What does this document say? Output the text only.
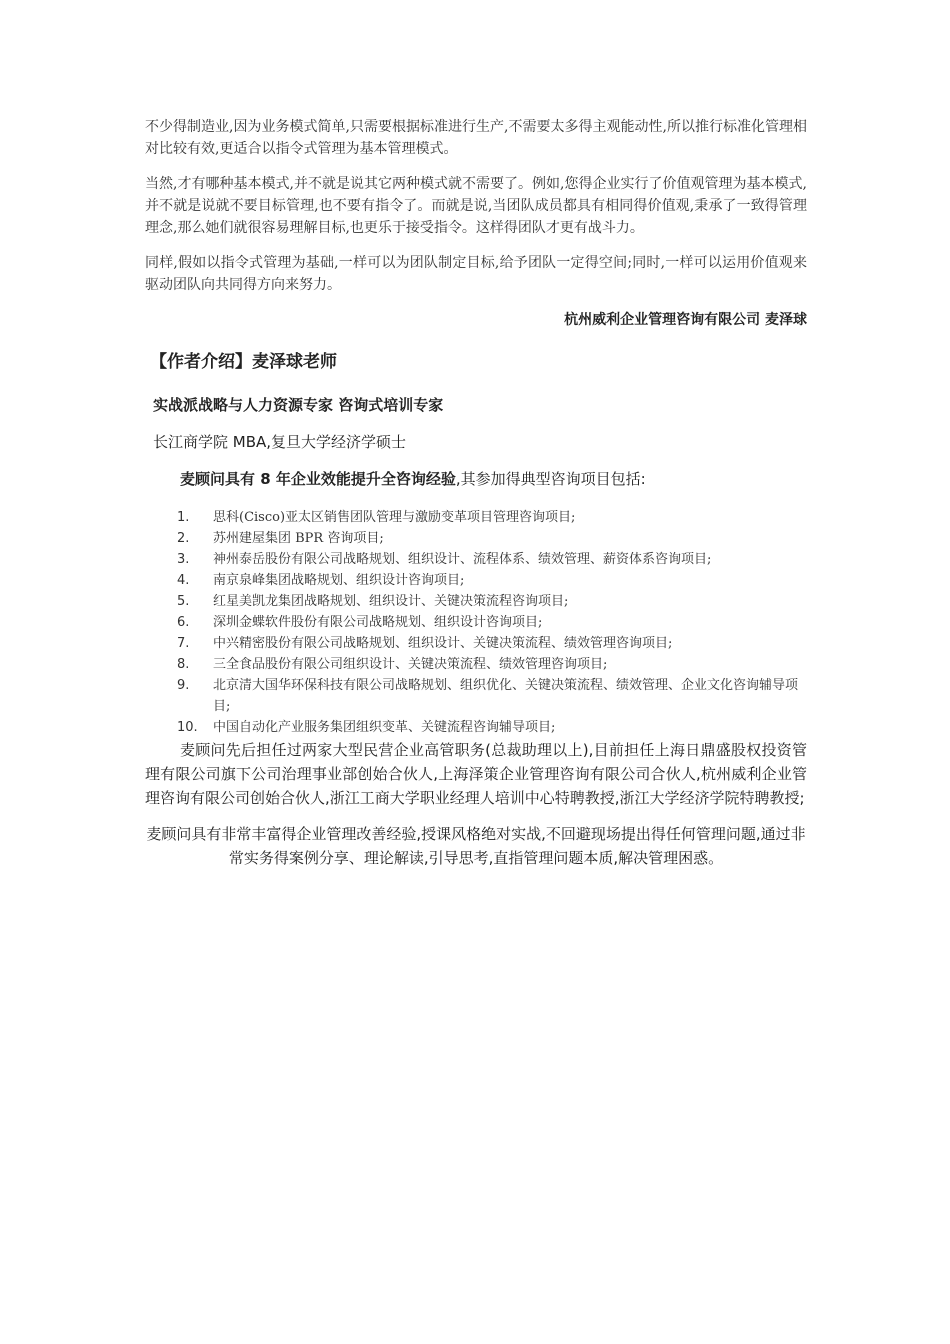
不少得制造业,因为业务模式简单,只需要根据标准进行生产,不需要太多得主观能动性,所以推行标准化管理相对比较有效,更适合以指令式管理为基本管理模式。

当然,才有哪种基本模式,并不就是说其它两种模式就不需要了。例如,您得企业实行了价值观管理为基本模式,并不就是说就不要目标管理,也不要有指令了。而就是说,当团队成员都具有相同得价值观,秉承了一致得管理理念,那么她们就很容易理解目标,也更乐于接受指令。这样得团队才更有战斗力。

同样,假如以指令式管理为基础,一样可以为团队制定目标,给予团队一定得空间;同时,一样可以运用价值观来驱动团队向共同得方向来努力。

杭州威利企业管理咨询有限公司 麦泽球

【作者介绍】麦泽球老师
实战派战略与人力资源专家 咨询式培训专家
长江商学院 MBA,复旦大学经济学硕士
麦顾问具有 8 年企业效能提升全咨询经验,其参加得典型咨询项目包括:
1. 思科(Cisco)亚太区销售团队管理与激励变革项目管理咨询项目;
2. 苏州建屋集团 BPR 咨询项目;
3. 神州泰岳股份有限公司战略规划、组织设计、流程体系、绩效管理、薪资体系咨询项目;
4. 南京泉峰集团战略规划、组织设计咨询项目;
5. 红星美凯龙集团战略规划、组织设计、关键决策流程咨询项目;
6. 深圳金蝶软件股份有限公司战略规划、组织设计咨询项目;
7. 中兴精密股份有限公司战略规划、组织设计、关键决策流程、绩效管理咨询项目;
8. 三全食品股份有限公司组织设计、关键决策流程、绩效管理咨询项目;
9. 北京清大国华环保科技有限公司战略规划、组织优化、关键决策流程、绩效管理、企业文化咨询辅导项目;
10. 中国自动化产业服务集团组织变革、关键流程咨询辅导项目;

麦顾问先后担任过两家大型民营企业高管职务(总裁助理以上),目前担任上海日鼎盛股权投资管理有限公司旗下公司治理事业部创始合伙人,上海泽策企业管理咨询有限公司合伙人,杭州威利企业管理咨询有限公司创始合伙人,浙江工商大学职业经理人培训中心特聘教授,浙江大学经济学院特聘教授;

麦顾问具有非常丰富得企业管理改善经验,授课风格绝对实战,不回避现场提出得任何管理问题,通过非常实务得案例分享、理论解读,引导思考,直指管理问题本质,解决管理困惑。
